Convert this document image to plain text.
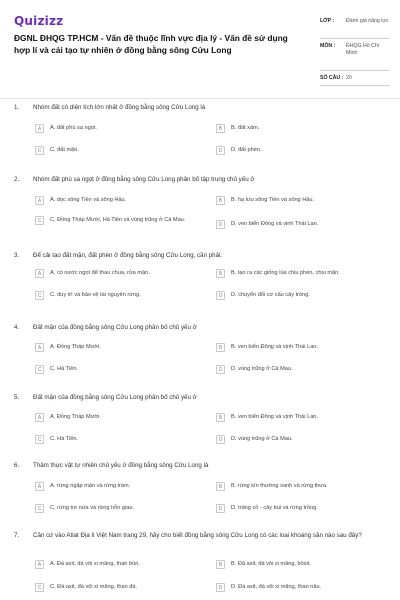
Quizizz
ĐGNL ĐHQG TP.HCM - Vấn đề thuộc lĩnh vực địa lý - Vấn đề sử dụng hợp lí và cải tạo tự nhiên ở đồng bằng sông Cửu Long
LỚP :	Đánh giá năng lực
MÔN :	ĐHQG Hồ Chí Minh
SỐ CÂU : 20
1. Nhóm đất có diện tích lớn nhất ở đồng bằng sông Cửu Long là
A	A. đất phù sa ngọt.	B	B. đất xám.
C	C. đất mặn.	D	D. đất phèn.
2. Nhóm đất phù sa ngọt ở đồng bằng sông Cửu Long phân bố tập trung chủ yếu ở
A	A. dọc sông Tiền và sông Hậu.	B	B. hạ lưu sông Tiền và sông Hậu.
C	C. Đồng Tháp Mười, Hà Tiên và vùng trũng ở Cà Mau.
D	D. ven biển Đông và vịnh Thái Lan.
3. Để cải tạo đất mặn, đất phèn ở đồng bằng sông Cửu Long, cần phải:
A	A. có nước ngọt để thau chua, rửa mặn.	B	B. tạo ra các giống lúa chịu phèn, chịu mặn.
C	C. duy trì và bảo vệ tài nguyên rừng.	D	D. chuyển đổi cơ cấu cây trồng.
4. Đất mặn của đồng bằng sông Cửu Long phân bố chủ yếu ở
A	A. Đồng Tháp Mười.	B	B. ven biển Đông và vịnh Thái Lan.
C	C. Hà Tiên.	D	D. vùng trũng ở Cà Mau.
5. Đất mặn của đồng bằng sông Cửu Long phân bố chủ yếu ở
A	A. Đồng Tháp Mười.	B	B. ven biển Đông và vịnh Thái Lan.
C	C. Hà Tiên.	D	D. vùng trũng ở Cà Mau.
6. Thảm thực vật tự nhiên chủ yếu ở đồng bằng sông Cửu Long là
A	A. rừng ngập mặn và rừng tràm.	B	B. rừng kín thường xanh và rừng thưa.
C	C. rừng tre nứa và rừng hỗn giao.	D	D. trảng cỏ - cây bụi và rừng trồng.
7. Căn cứ vào Atlat Địa lí Việt Nam trang 29, hãy cho biết đồng bằng sông Cửu Long có các loại khoáng sản nào sau đây?
A	A. Đá axit, đá vôi xi măng, than bùn.	B	B. Đá axit, đá vôi xi măng, bôxit.
C	C. Đá axit, đá vôi xi măng, than đá.	D	D. Đá axit, đá vôi xi măng, than nâu.
